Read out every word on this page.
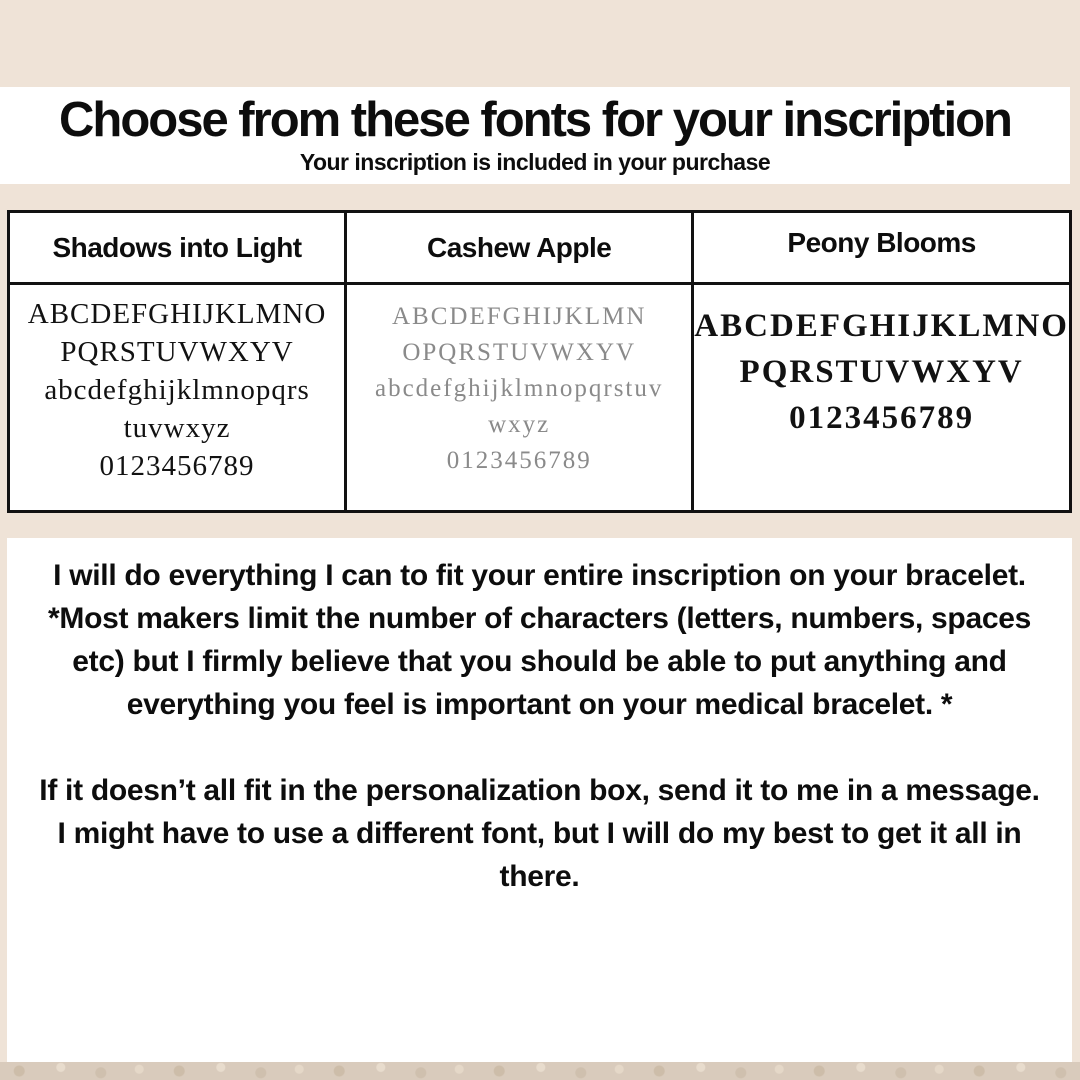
Choose from these fonts for your inscription

Your inscription is included in your purchase

Shadows into Light	Cashew Apple	Peony Blooms
ABCDEFGHIJKLMNO
PQRSTUVWXYV
abcdefghijklmnopqrs
tuvwxyz
0123456789
ABCDEFGHIJKLMN
OPQRSTUVWXYV
abcdefghijklmnopqrstuv
wxyz
0123456789
ABCDEFGHIJKLMNO
PQRSTUVWXYV
0123456789

I will do everything I can to fit your entire inscription on your bracelet.

*Most makers limit the number of characters (letters, numbers, spaces etc) but I firmly believe that you should be able to put anything and everything you feel is important on your medical bracelet. *

If it doesn’t all fit in the personalization box, send it to me in a message.

I might have to use a different font, but I will do my best to get it all in there.
